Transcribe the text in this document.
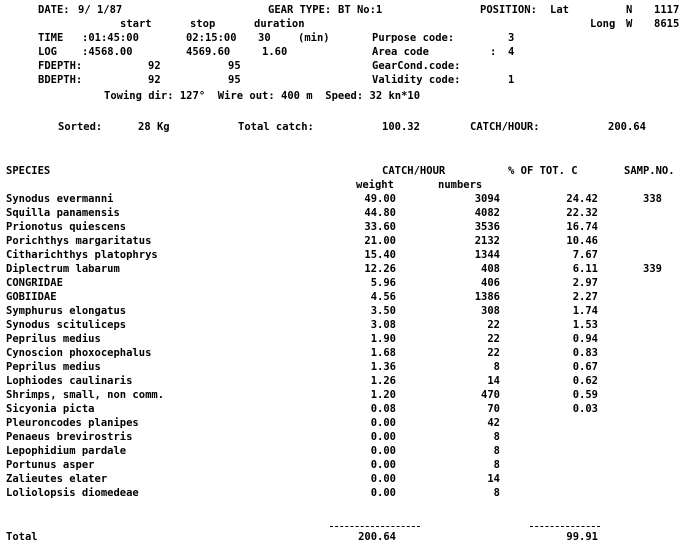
DATE: 9/ 1/87	GEAR TYPE: BT No:1	POSITION: Lat	N 1117
start	stop	duration	Long W 8615
TIME :01:45:00	02:15:00 30	(min)	Purpose code:	3
LOG :4568.00	4569.60	1.60	Area code	: 4
FDEPTH:	92	95	GearCond.code:
BDEPTH:	92	95	Validity code:	1
Towing dir: 127°  Wire out: 400 m  Speed: 32 kn*10
Sorted:	28 Kg	Total catch:	100.32	CATCH/HOUR:	200.64
SPECIES	CATCH/HOUR	% OF TOT. C	SAMP.NO.
weight	numbers
Synodus evermanni	49.00	3094	24.42	338
Squilla panamensis	44.80	4082	22.32
Prionotus quiescens	33.60	3536	16.74
Porichthys margaritatus	21.00	2132	10.46
Citharichthys platophrys	15.40	1344	7.67
Diplectrum labarum	12.26	408	6.11	339
CONGRIDAE	5.96	406	2.97
GOBIIDAE	4.56	1386	2.27
Symphurus elongatus	3.50	308	1.74
Synodus scituliceps	3.08	22	1.53
Peprilus medius	1.90	22	0.94
Cynoscion phoxocephalus	1.68	22	0.83
Peprilus medius	1.36	8	0.67
Lophiodes caulinaris	1.26	14	0.62
Shrimps, small, non comm.	1.20	470	0.59
Sicyonia picta	0.08	70	0.03
Pleuroncodes planipes	0.00	42
Penaeus brevirostris	0.00	8
Lepophidium pardale	0.00	8
Portunus asper	0.00	8
Zalieutes elater	0.00	14
Loliolopsis diomedeae	0.00	8
Total	200.64	99.91
